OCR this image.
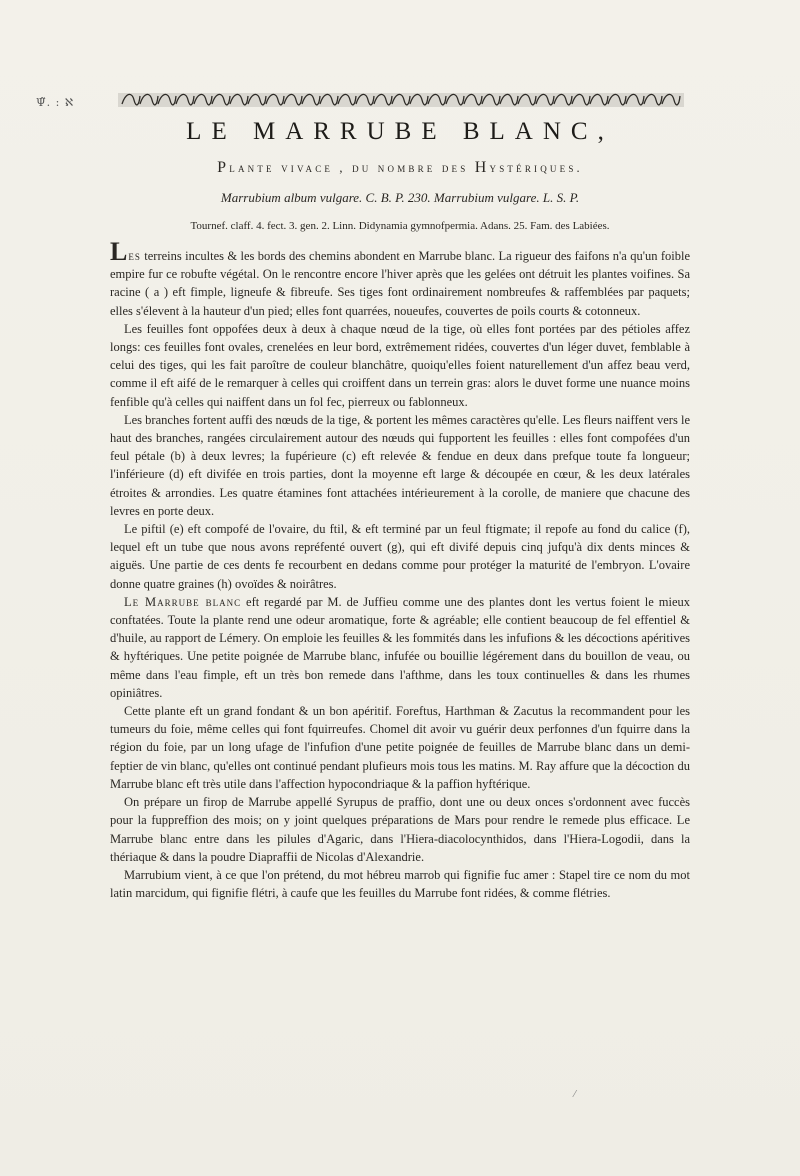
Ψ̃. : ℵ
LE MARRUBE BLANC,
Plante vivace , du nombre des Hystériques.
Marrubium album vulgare. C. B. P. 230. Marrubium vulgare. L. S. P.
Tournef. claff. 4. fect. 3. gen. 2. Linn. Didynamia gymnofpermia. Adans. 25. Fam. des Labiées.

Les terreins incultes & les bords des chemins abondent en Marrube blanc. La rigueur des faifons n'a qu'un foible empire fur ce robufte végétal. On le rencontre encore l'hiver après que les gelées ont détruit les plantes voifines. Sa racine ( a ) eft fimple, ligneufe & fibreufe. Ses tiges font ordinairement nombreufes & raffemblées par paquets; elles s'élevent à la hauteur d'un pied; elles font quarrées, noueufes, couvertes de poils courts & cotonneux.

Les feuilles font oppofées deux à deux à chaque nœud de la tige, où elles font portées par des pétioles affez longs: ces feuilles font ovales, crenelées en leur bord, extrêmement ridées, couvertes d'un léger duvet, femblable à celui des tiges, qui les fait paroître de couleur blanchâtre, quoiqu'elles foient naturellement d'un affez beau verd, comme il eft aifé de le remarquer à celles qui croiffent dans un terrein gras: alors le duvet forme une nuance moins fenfible qu'à celles qui naiffent dans un fol fec, pierreux ou fablonneux.

Les branches fortent auffi des nœuds de la tige, & portent les mêmes caractères qu'elle. Les fleurs naiffent vers le haut des branches, rangées circulairement autour des nœuds qui fupportent les feuilles : elles font compofées d'un feul pétale (b) à deux levres; la fupérieure (c) eft relevée & fendue en deux dans prefque toute fa longueur; l'inférieure (d) eft divifée en trois parties, dont la moyenne eft large & découpée en cœur, & les deux latérales étroites & arrondies. Les quatre étamines font attachées intérieurement à la corolle, de maniere que chacune des levres en porte deux.

Le piftil (e) eft compofé de l'ovaire, du ftil, & eft terminé par un feul ftigmate; il repofe au fond du calice (f), lequel eft un tube que nous avons repréfenté ouvert (g), qui eft divifé depuis cinq jufqu'à dix dents minces & aiguës. Une partie de ces dents fe recourbent en dedans comme pour protéger la maturité de l'embryon. L'ovaire donne quatre graines (h) ovoïdes & noirâtres.

Le Marrube blanc eft regardé par M. de Juffieu comme une des plantes dont les vertus foient le mieux conftatées. Toute la plante rend une odeur aromatique, forte & agréable; elle contient beaucoup de fel effentiel & d'huile, au rapport de Lémery. On emploie les feuilles & les fommités dans les infufions & les décoctions apéritives & hyftériques. Une petite poignée de Marrube blanc, infufée ou bouillie légérement dans du bouillon de veau, ou même dans l'eau fimple, eft un très bon remede dans l'afthme, dans les toux continuelles & dans les rhumes opiniâtres.

Cette plante eft un grand fondant & un bon apéritif. Foreftus, Harthman & Zacutus la recommandent pour les tumeurs du foie, même celles qui font fquirreufes. Chomel dit avoir vu guérir deux perfonnes d'un fquirre dans la région du foie, par un long ufage de l'infufion d'une petite poignée de feuilles de Marrube blanc dans un demi-feptier de vin blanc, qu'elles ont continué pendant plufieurs mois tous les matins. M. Ray affure que la décoction du Marrube blanc eft très utile dans l'affection hypocondriaque & la paffion hyftérique.

On prépare un firop de Marrube appellé Syrupus de praffio, dont une ou deux onces s'ordonnent avec fuccès pour la fuppreffion des mois; on y joint quelques préparations de Mars pour rendre le remede plus efficace. Le Marrube blanc entre dans les pilules d'Agaric, dans l'Hiera-diacolocynthidos, dans l'Hiera-Logodii, dans la thériaque & dans la poudre Diapraffii de Nicolas d'Alexandrie.

Marrubium vient, à ce que l'on prétend, du mot hébreu marrob qui fignifie fuc amer : Stapel tire ce nom du mot latin marcidum, qui fignifie flétri, à caufe que les feuilles du Marrube font ridées, & comme flétries.

⁄
